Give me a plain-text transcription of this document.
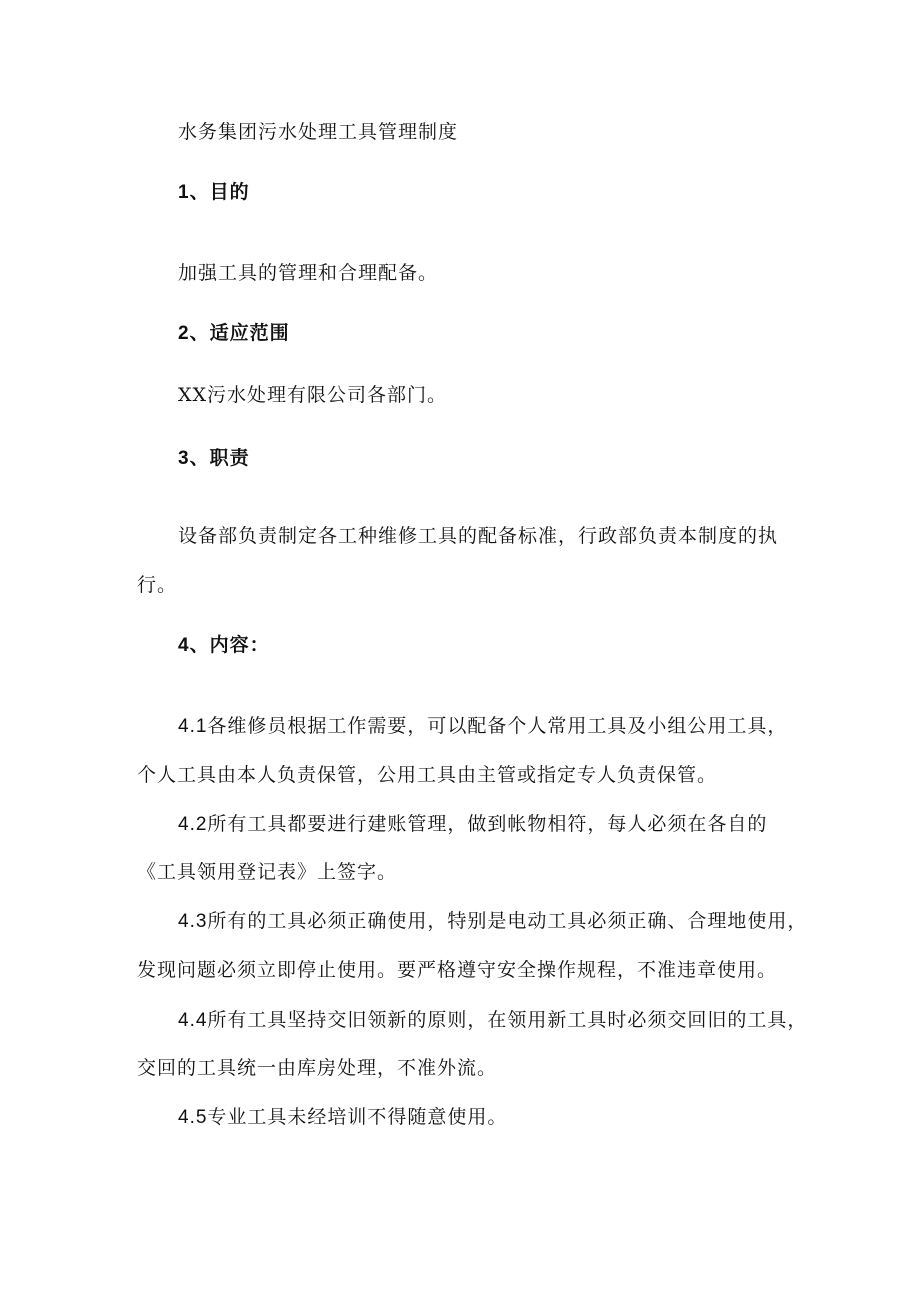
水务集团污水处理工具管理制度
1、目的
加强工具的管理和合理配备。
2、适应范围
XX污水处理有限公司各部门。
3、职责
设备部负责制定各工种维修工具的配备标准，行政部负责本制度的执
行。
4、内容：
4.1各维修员根据工作需要，可以配备个人常用工具及小组公用工具，
个人工具由本人负责保管，公用工具由主管或指定专人负责保管。
4.2所有工具都要进行建账管理，做到帐物相符，每人必须在各自的
《工具领用登记表》上签字。
4.3所有的工具必须正确使用，特别是电动工具必须正确、合理地使用，
发现问题必须立即停止使用。要严格遵守安全操作规程，不准违章使用。
4.4所有工具坚持交旧领新的原则，在领用新工具时必须交回旧的工具，
交回的工具统一由库房处理，不准外流。
4.5专业工具未经培训不得随意使用。
